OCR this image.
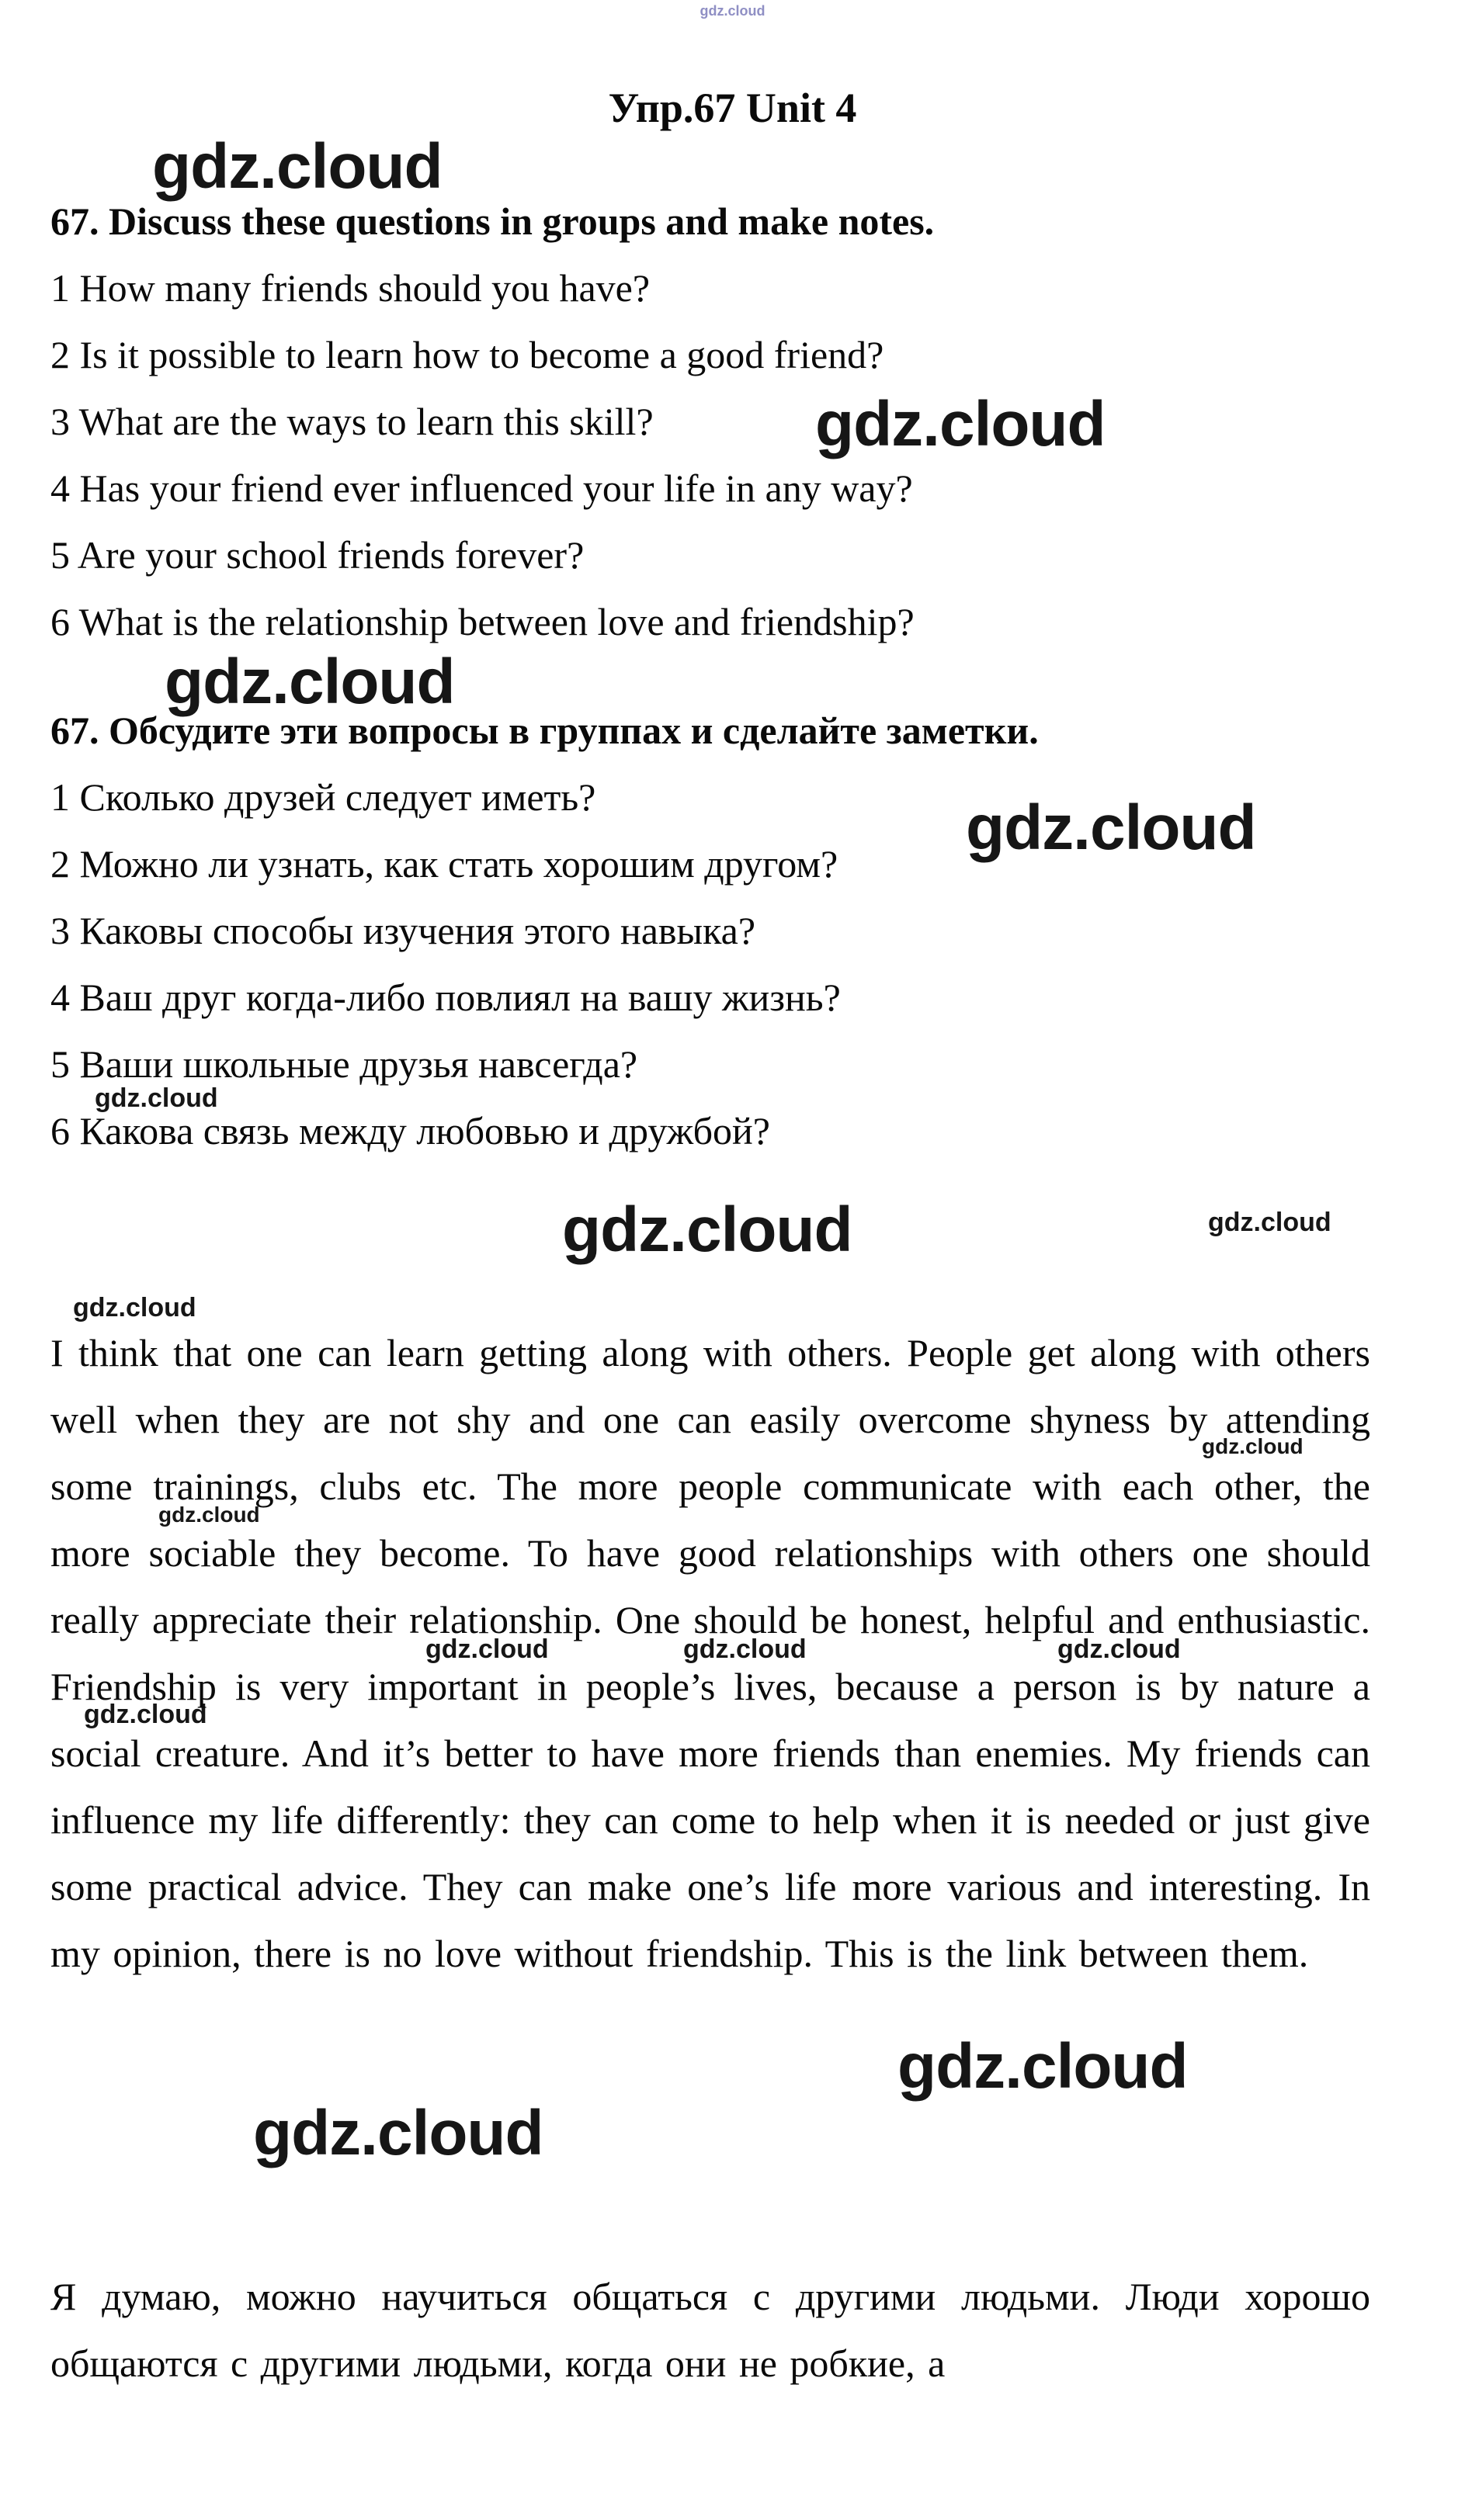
gdz.cloud
gdz.cloud
gdz.cloud
gdz.cloud
gdz.cloud
gdz.cloud
gdz.cloud	gdz.cloud
gdz.cloud
gdz.cloud
gdz.cloud
gdz.cloud	gdz.cloud	gdz.cloud
gdz.cloud
gdz.cloud
gdz.cloud
Упр.67 Unit 4
67. Discuss these questions in groups and make notes.
1 How many friends should you have?
2 Is it possible to learn how to become a good friend?
3 What are the ways to learn this skill?
4 Has your friend ever influenced your life in any way?
5 Are your school friends forever?
6 What is the relationship between love and friendship?
67. Обсудите эти вопросы в группах и сделайте заметки.
1 Сколько друзей следует иметь?
2 Можно ли узнать, как стать хорошим другом?
3 Каковы способы изучения этого навыка?
4 Ваш друг когда-либо повлиял на вашу жизнь?
5 Ваши школьные друзья навсегда?
6 Какова связь между любовью и дружбой?
I think that one can learn getting along with others. People get along with others well when they are not shy and one can easily overcome shyness by attending some trainings, clubs etc. The more people communicate with each other, the more sociable they become. To have good relationships with others one should really appreciate their relationship. One should be honest, helpful and enthusiastic. Friendship is very important in people’s lives, because a person is by nature a social creature. And it’s better to have more friends than enemies. My friends can influence my life differently: they can come to help when it is needed or just give some practical advice. They can make one’s life more various and interesting. In my opinion, there is no love without friendship. This is the link between them.
Я думаю, можно научиться общаться с другими людьми. Люди хорошо общаются с другими людьми, когда они не робкие, а
